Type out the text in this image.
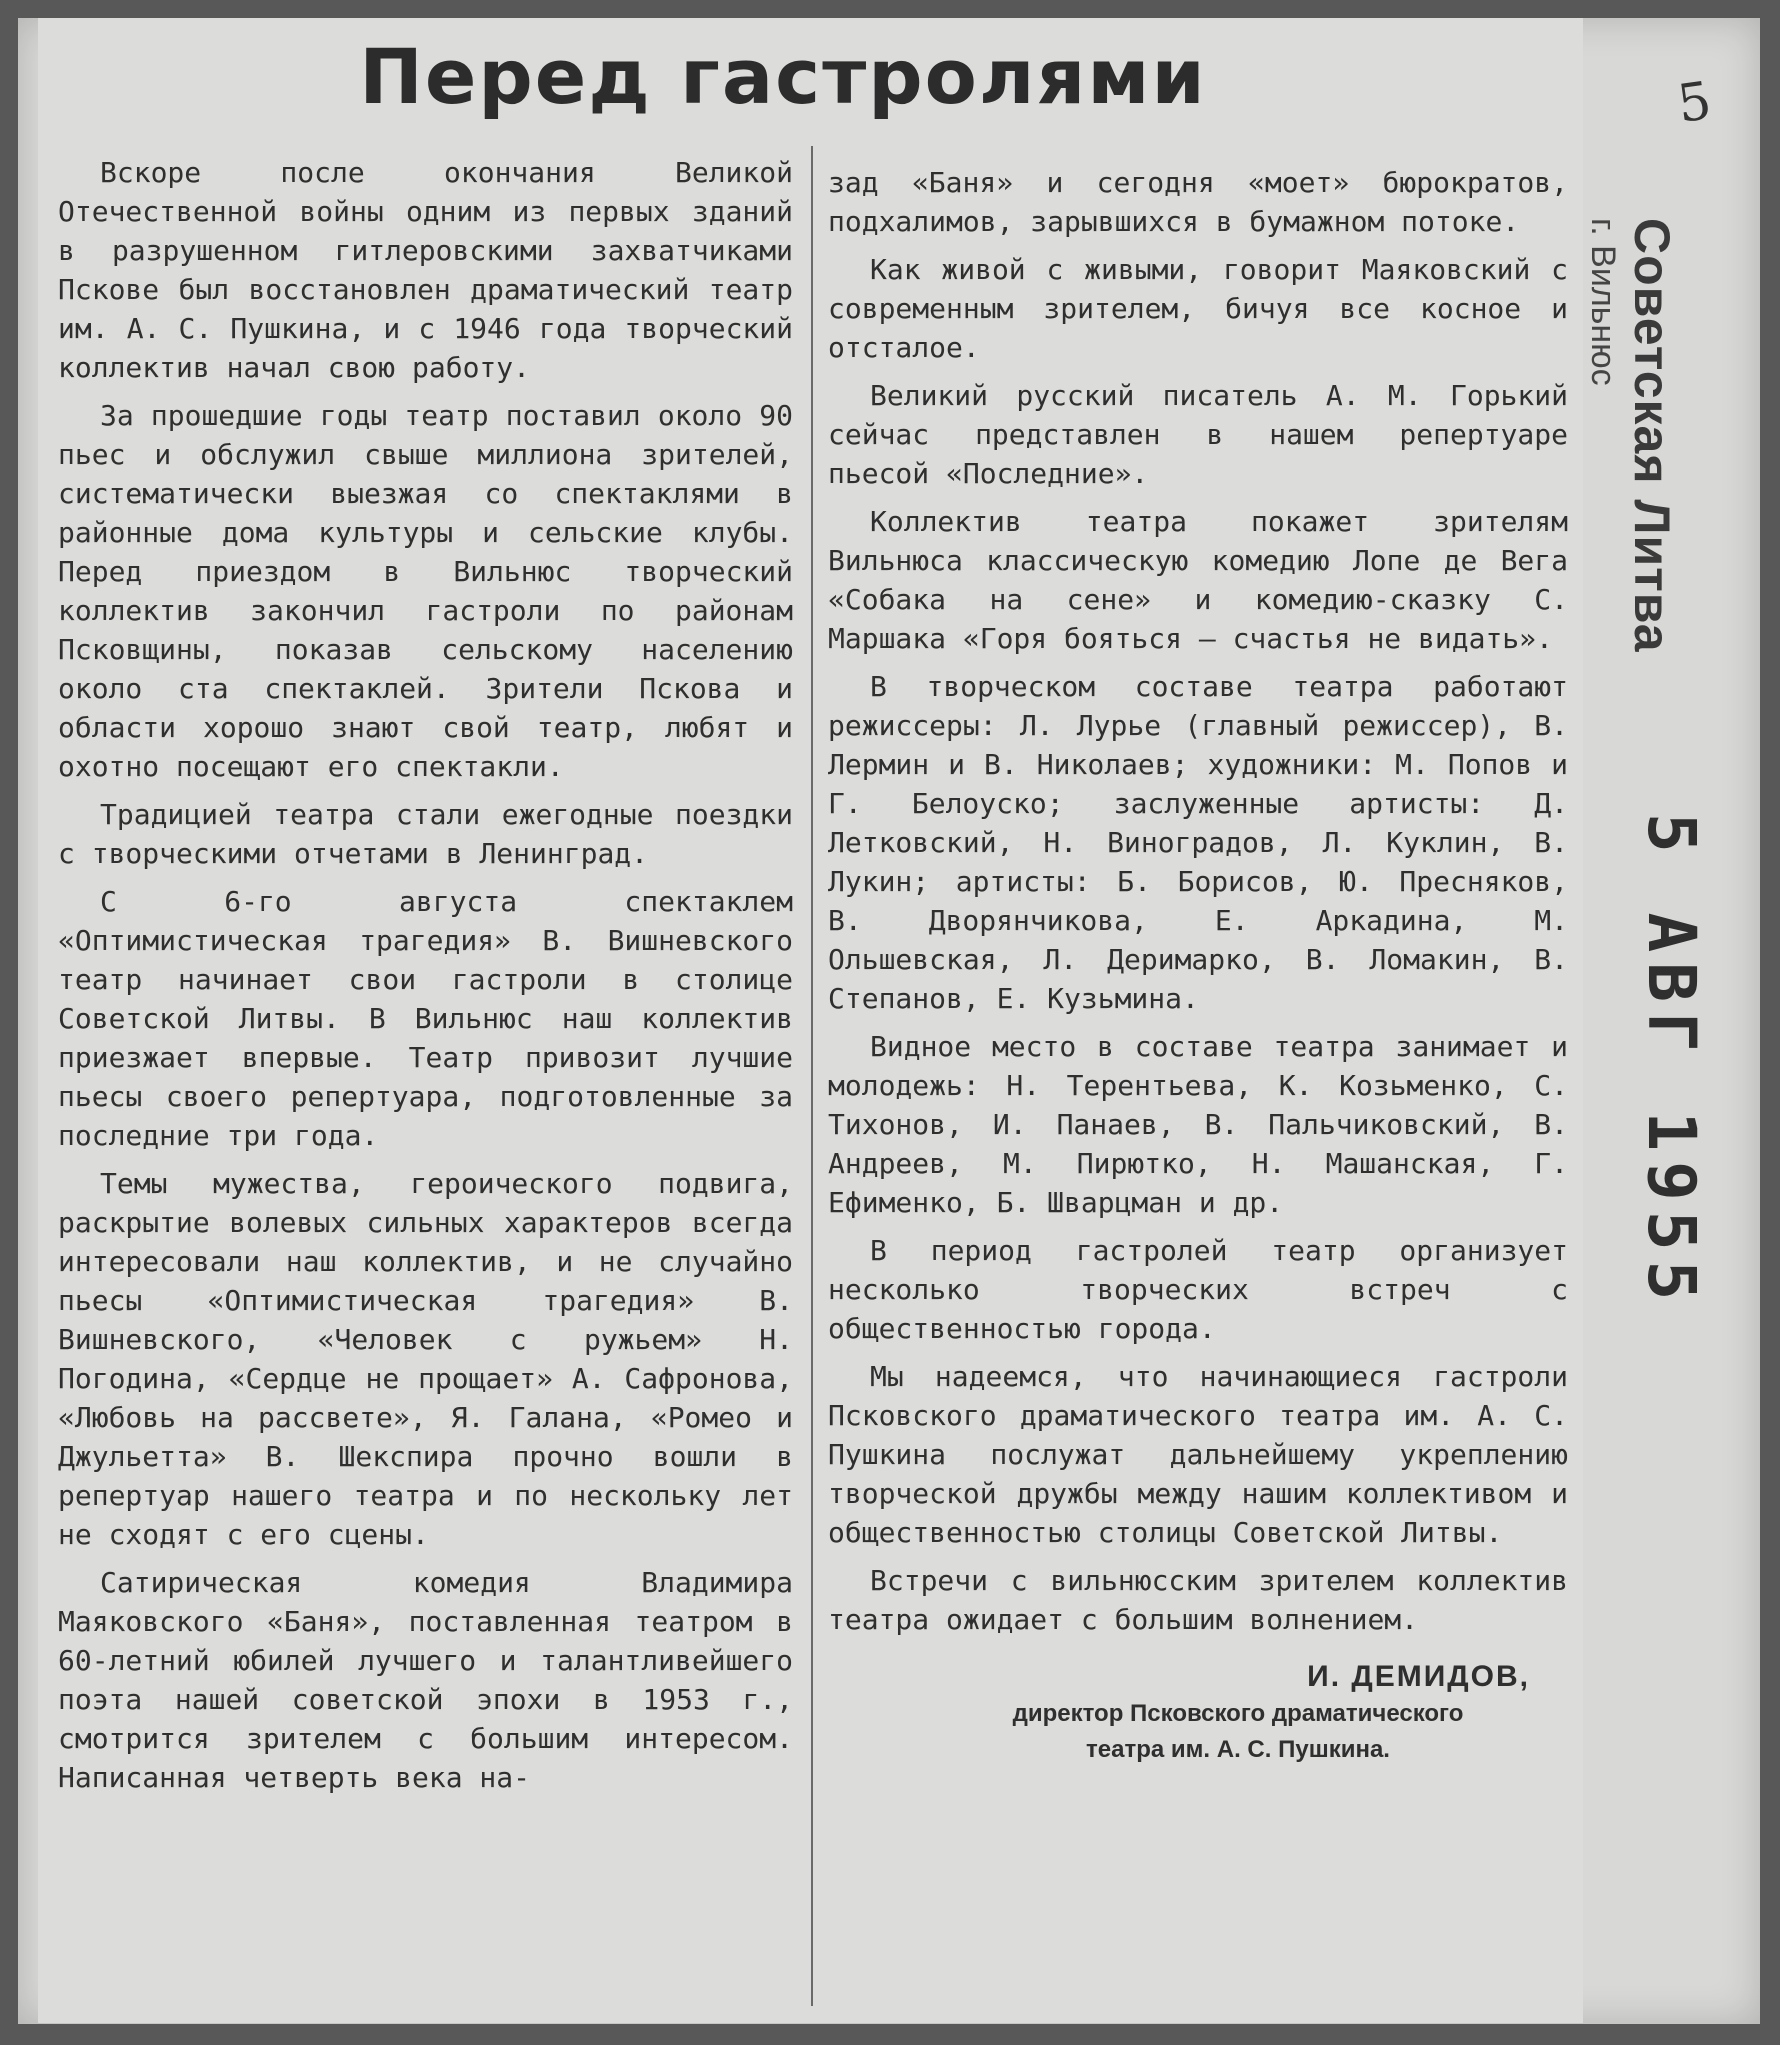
Перед гастролями

Вскоре после окончания Великой Отечественной войны одним из первых зданий в разрушенном гитлеровскими захватчиками Пскове был восстановлен драматический театр им. А. С. Пушкина, и с 1946 года творческий коллектив начал свою работу.

За прошедшие годы театр поставил около 90 пьес и обслужил свыше миллиона зрителей, систематически выезжая со спектаклями в районные дома культуры и сельские клубы. Перед приездом в Вильнюс творческий коллектив закончил гастроли по районам Псковщины, показав сельскому населению около ста спектаклей. Зрители Пскова и области хорошо знают свой театр, любят и охотно посещают его спектакли.

Традицией театра стали ежегодные поездки с творческими отчетами в Ленинград.

С 6-го августа спектаклем «Оптимистическая трагедия» В. Вишневского театр начинает свои гастроли в столице Советской Литвы. В Вильнюс наш коллектив приезжает впервые. Театр привозит лучшие пьесы своего репертуара, подготовленные за последние три года.

Темы мужества, героического подвига, раскрытие волевых сильных характеров всегда интересовали наш коллектив, и не случайно пьесы «Оптимистическая трагедия» В. Вишневского, «Человек с ружьем» Н. Погодина, «Сердце не прощает» А. Сафронова, «Любовь на рассвете», Я. Галана, «Ромео и Джульетта» В. Шекспира прочно вошли в репертуар нашего театра и по нескольку лет не сходят с его сцены.

Сатирическая комедия Владимира Маяковского «Баня», поставленная театром в 60-летний юбилей лучшего и талантливейшего поэта нашей советской эпохи в 1953 г., смотрится зрителем с большим интересом. Написанная четверть века на-

зад «Баня» и сегодня «моет» бюрократов, подхалимов, зарывшихся в бумажном потоке.

Как живой с живыми, говорит Маяковский с современным зрителем, бичуя все косное и отсталое.

Великий русский писатель А. М. Горький сейчас представлен в нашем репертуаре пьесой «Последние».

Коллектив театра покажет зрителям Вильнюса классическую комедию Лопе де Вега «Собака на сене» и комедию-сказку С. Маршака «Горя бояться — счастья не видать».

В творческом составе театра работают режиссеры: Л. Лурье (главный режиссер), В. Лермин и В. Николаев; художники: М. Попов и Г. Белоуско; заслуженные артисты: Д. Летковский, Н. Виноградов, Л. Куклин, В. Лукин; артисты: Б. Борисов, Ю. Пресняков, В. Дворянчикова, Е. Аркадина, М. Ольшевская, Л. Деримарко, В. Ломакин, В. Степанов, Е. Кузьмина.

Видное место в составе театра занимает и молодежь: Н. Терентьева, К. Козьменко, С. Тихонов, И. Панаев, В. Пальчиковский, В. Андреев, М. Пирютко, Н. Машанская, Г. Ефименко, Б. Шварцман и др.

В период гастролей театр организует несколько творческих встреч с общественностью города.

Мы надеемся, что начинающиеся гастроли Псковского драматического театра им. А. С. Пушкина послужат дальнейшему укреплению творческой дружбы между нашим коллективом и общественностью столицы Советской Литвы.

Встречи с вильнюсским зрителем коллектив театра ожидает с большим волнением.

И. ДЕМИДОВ,
директор Псковского драматического
театра им. А. С. Пушкина.
5
Советская Литва
г. Вильнюс
5 АВГ 1955
